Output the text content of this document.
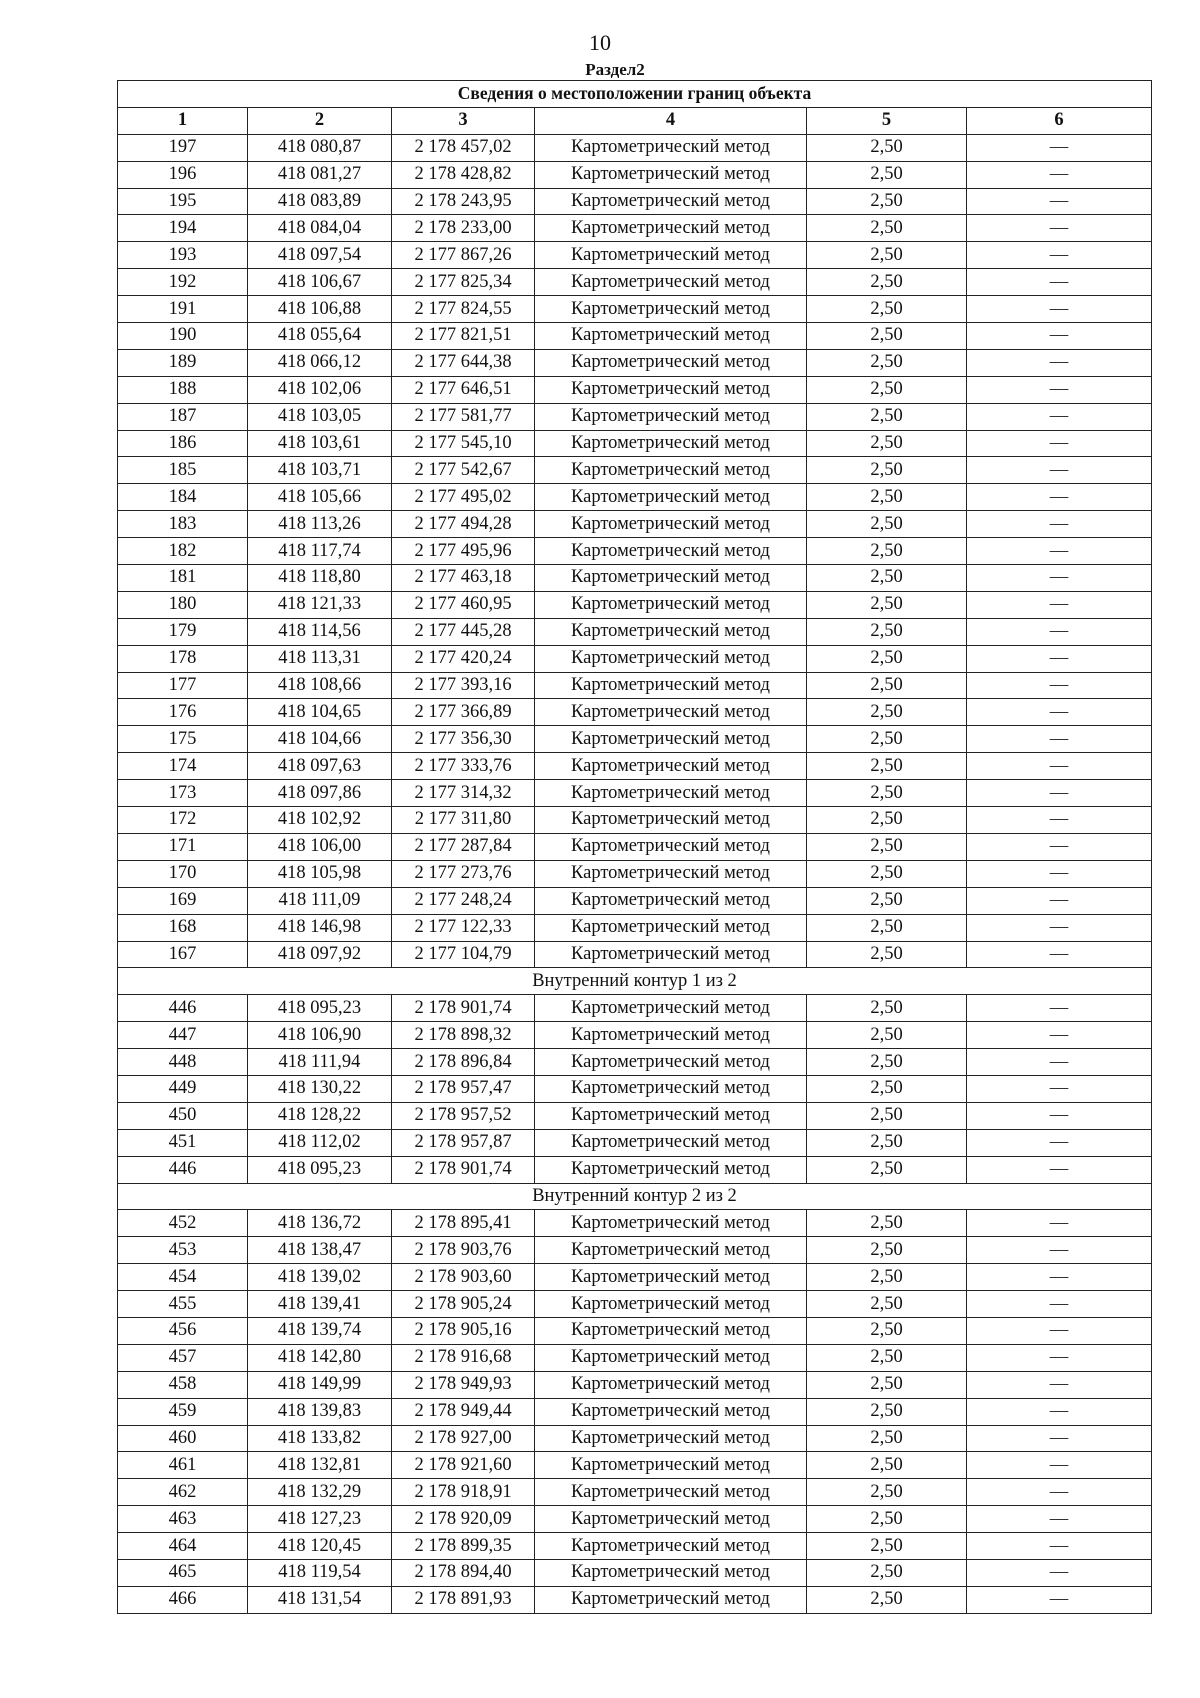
10
Раздел2
Сведения о местоположении границ объекта					
1	2	3	4	5	6
197	418 080,87	2 178 457,02	Картометрический метод	2,50	—
196	418 081,27	2 178 428,82	Картометрический метод	2,50	—
195	418 083,89	2 178 243,95	Картометрический метод	2,50	—
194	418 084,04	2 178 233,00	Картометрический метод	2,50	—
193	418 097,54	2 177 867,26	Картометрический метод	2,50	—
192	418 106,67	2 177 825,34	Картометрический метод	2,50	—
191	418 106,88	2 177 824,55	Картометрический метод	2,50	—
190	418 055,64	2 177 821,51	Картометрический метод	2,50	—
189	418 066,12	2 177 644,38	Картометрический метод	2,50	—
188	418 102,06	2 177 646,51	Картометрический метод	2,50	—
187	418 103,05	2 177 581,77	Картометрический метод	2,50	—
186	418 103,61	2 177 545,10	Картометрический метод	2,50	—
185	418 103,71	2 177 542,67	Картометрический метод	2,50	—
184	418 105,66	2 177 495,02	Картометрический метод	2,50	—
183	418 113,26	2 177 494,28	Картометрический метод	2,50	—
182	418 117,74	2 177 495,96	Картометрический метод	2,50	—
181	418 118,80	2 177 463,18	Картометрический метод	2,50	—
180	418 121,33	2 177 460,95	Картометрический метод	2,50	—
179	418 114,56	2 177 445,28	Картометрический метод	2,50	—
178	418 113,31	2 177 420,24	Картометрический метод	2,50	—
177	418 108,66	2 177 393,16	Картометрический метод	2,50	—
176	418 104,65	2 177 366,89	Картометрический метод	2,50	—
175	418 104,66	2 177 356,30	Картометрический метод	2,50	—
174	418 097,63	2 177 333,76	Картометрический метод	2,50	—
173	418 097,86	2 177 314,32	Картометрический метод	2,50	—
172	418 102,92	2 177 311,80	Картометрический метод	2,50	—
171	418 106,00	2 177 287,84	Картометрический метод	2,50	—
170	418 105,98	2 177 273,76	Картометрический метод	2,50	—
169	418 111,09	2 177 248,24	Картометрический метод	2,50	—
168	418 146,98	2 177 122,33	Картометрический метод	2,50	—
167	418 097,92	2 177 104,79	Картометрический метод	2,50	—
Внутренний контур 1 из 2					
446	418 095,23	2 178 901,74	Картометрический метод	2,50	—
447	418 106,90	2 178 898,32	Картометрический метод	2,50	—
448	418 111,94	2 178 896,84	Картометрический метод	2,50	—
449	418 130,22	2 178 957,47	Картометрический метод	2,50	—
450	418 128,22	2 178 957,52	Картометрический метод	2,50	—
451	418 112,02	2 178 957,87	Картометрический метод	2,50	—
446	418 095,23	2 178 901,74	Картометрический метод	2,50	—
Внутренний контур 2 из 2					
452	418 136,72	2 178 895,41	Картометрический метод	2,50	—
453	418 138,47	2 178 903,76	Картометрический метод	2,50	—
454	418 139,02	2 178 903,60	Картометрический метод	2,50	—
455	418 139,41	2 178 905,24	Картометрический метод	2,50	—
456	418 139,74	2 178 905,16	Картометрический метод	2,50	—
457	418 142,80	2 178 916,68	Картометрический метод	2,50	—
458	418 149,99	2 178 949,93	Картометрический метод	2,50	—
459	418 139,83	2 178 949,44	Картометрический метод	2,50	—
460	418 133,82	2 178 927,00	Картометрический метод	2,50	—
461	418 132,81	2 178 921,60	Картометрический метод	2,50	—
462	418 132,29	2 178 918,91	Картометрический метод	2,50	—
463	418 127,23	2 178 920,09	Картометрический метод	2,50	—
464	418 120,45	2 178 899,35	Картометрический метод	2,50	—
465	418 119,54	2 178 894,40	Картометрический метод	2,50	—
466	418 131,54	2 178 891,93	Картометрический метод	2,50	—
